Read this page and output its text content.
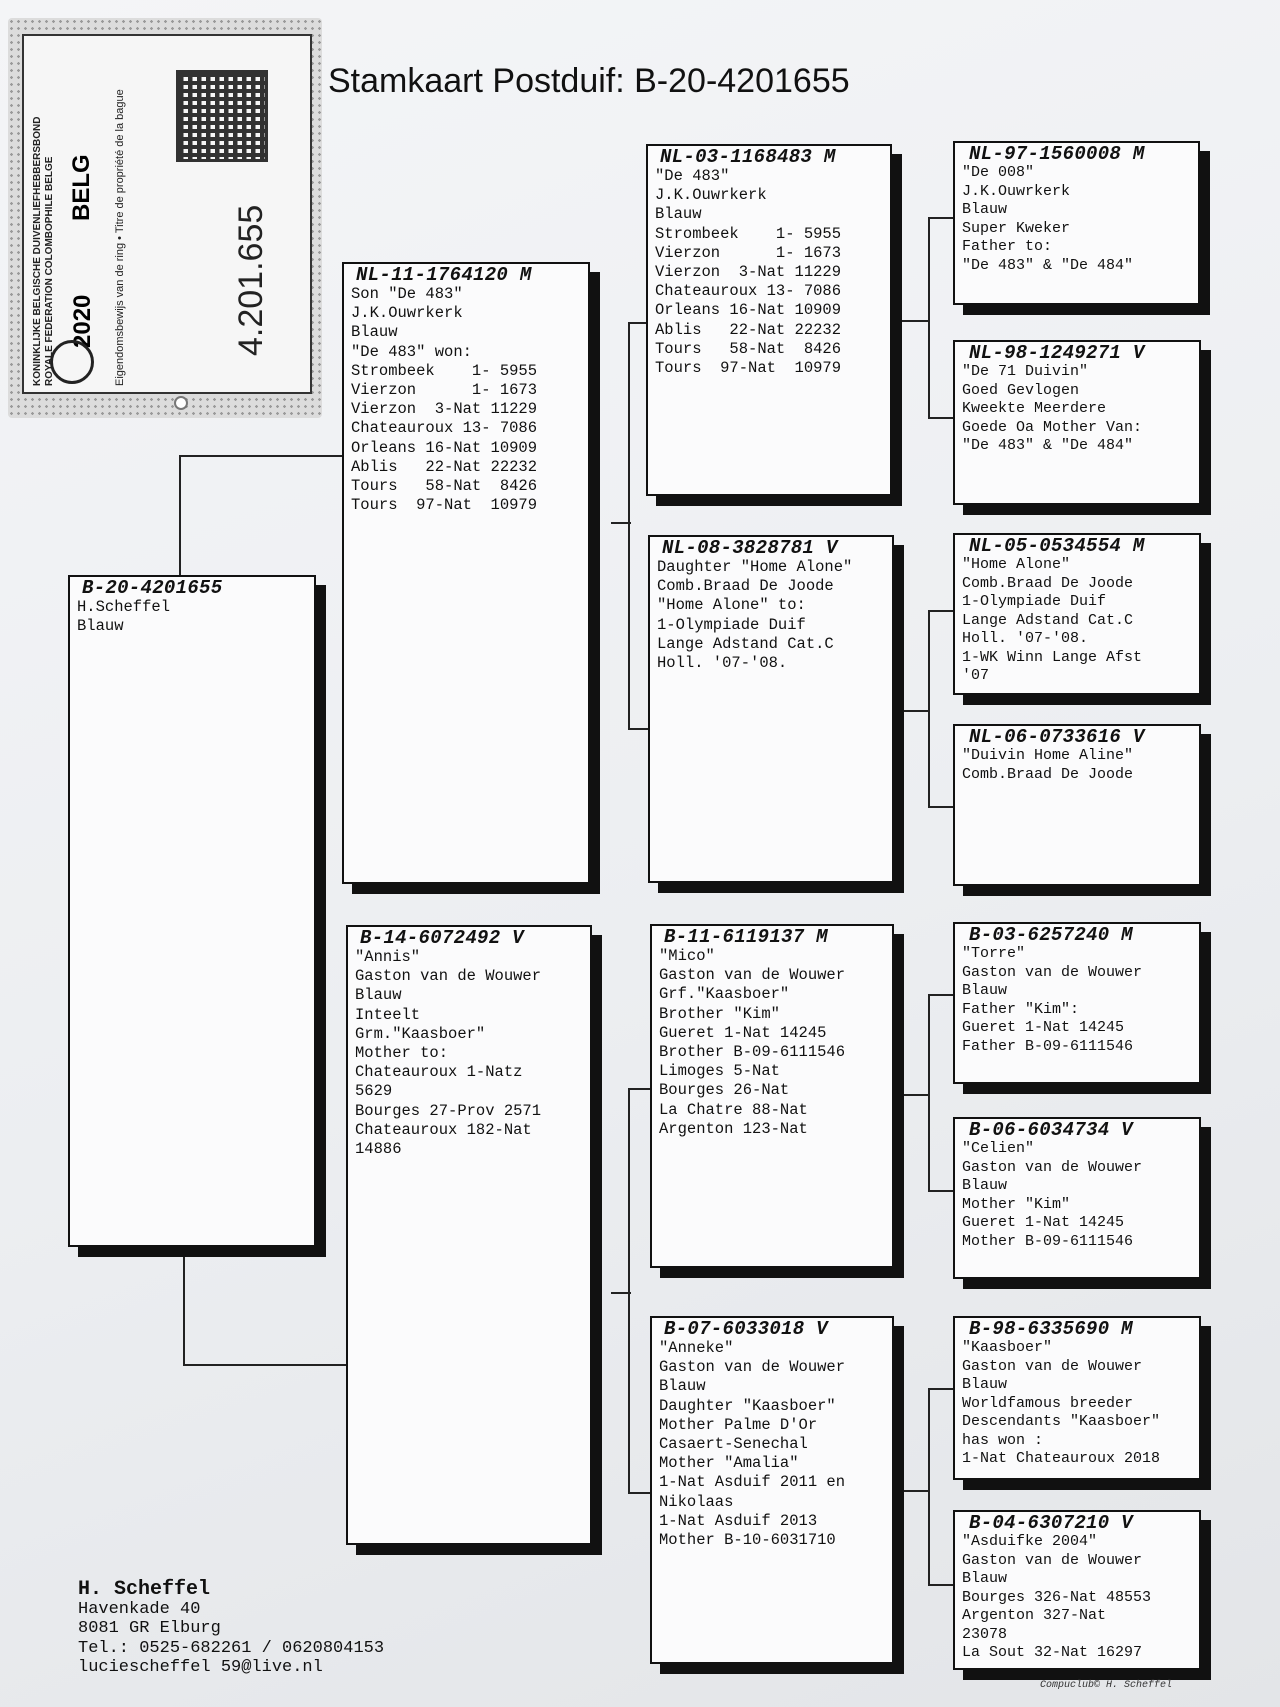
KONINKLIJKE BELGISCHE DUIVENLIEFHEBBERSBOND ROYALE FEDERATION COLOMBOPHILE BELGE 2020
BELG Eigendomsbewijs van de ring • Titre de propriété de la bague	4.201.655
Stamkaart Postduif: B-20-4201655
B-20-4201655
H.Scheffel
Blauw
NL-11-1764120 M
Son "De 483"
J.K.Ouwrkerk
Blauw
"De 483" won:
Strombeek    1- 5955
Vierzon      1- 1673
Vierzon  3-Nat 11229
Chateauroux 13- 7086
Orleans 16-Nat 10909
Ablis   22-Nat 22232
Tours   58-Nat  8426
Tours  97-Nat  10979
B-14-6072492 V
"Annis"
Gaston van de Wouwer
Blauw
Inteelt
Grm."Kaasboer"
Mother to:
Chateauroux 1-Natz
5629
Bourges 27-Prov 2571
Chateauroux 182-Nat
14886
NL-03-1168483 M
"De 483"
J.K.Ouwrkerk
Blauw
Strombeek    1- 5955
Vierzon      1- 1673
Vierzon  3-Nat 11229
Chateauroux 13- 7086
Orleans 16-Nat 10909
Ablis   22-Nat 22232
Tours   58-Nat  8426
Tours  97-Nat  10979
NL-08-3828781 V
Daughter "Home Alone"
Comb.Braad De Joode
"Home Alone" to:
1-Olympiade Duif
Lange Adstand Cat.C
Holl. '07-'08.
B-11-6119137 M
"Mico"
Gaston van de Wouwer
Grf."Kaasboer"
Brother "Kim"
Gueret 1-Nat 14245
Brother B-09-6111546
Limoges 5-Nat
Bourges 26-Nat
La Chatre 88-Nat
Argenton 123-Nat
B-07-6033018 V
"Anneke"
Gaston van de Wouwer
Blauw
Daughter "Kaasboer"
Mother Palme D'Or
Casaert-Senechal
Mother "Amalia"
1-Nat Asduif 2011 en
Nikolaas
1-Nat Asduif 2013
Mother B-10-6031710
NL-97-1560008 M
"De 008"
J.K.Ouwrkerk
Blauw
Super Kweker
Father to:
"De 483" & "De 484"
NL-98-1249271 V
"De 71 Duivin"
Goed Gevlogen
Kweekte Meerdere
Goede Oa Mother Van:
"De 483" & "De 484"
NL-05-0534554 M
"Home Alone"
Comb.Braad De Joode
1-Olympiade Duif
Lange Adstand Cat.C
Holl. '07-'08.
1-WK Winn Lange Afst
'07
NL-06-0733616 V
"Duivin Home Aline"
Comb.Braad De Joode
B-03-6257240 M
"Torre"
Gaston van de Wouwer
Blauw
Father "Kim":
Gueret 1-Nat 14245
Father B-09-6111546
B-06-6034734 V
"Celien"
Gaston van de Wouwer
Blauw
Mother "Kim"
Gueret 1-Nat 14245
Mother B-09-6111546
B-98-6335690 M
"Kaasboer"
Gaston van de Wouwer
Blauw
Worldfamous breeder
Descendants "Kaasboer"
has won :
1-Nat Chateauroux 2018
B-04-6307210 V
"Asduifke 2004"
Gaston van de Wouwer
Blauw
Bourges 326-Nat 48553
Argenton 327-Nat
23078
La Sout 32-Nat 16297
H. Scheffel
Havenkade 40
8081 GR Elburg
Tel.: 0525-682261 / 0620804153
luciescheffel 59@live.nl
Compuclub© H. Scheffel
